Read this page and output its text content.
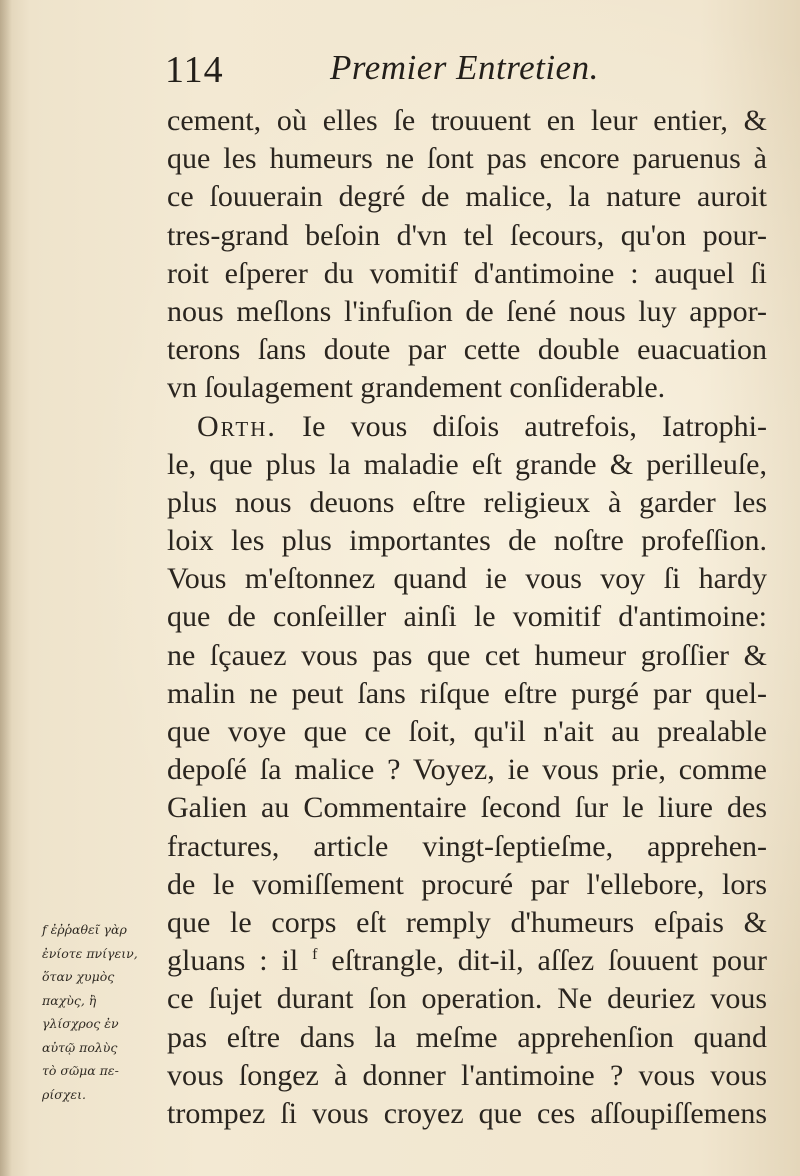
114	Premier Entretien.
cement, où elles ſe trouuent en leur entier, &
que les humeurs ne ſont pas encore paruenus à
ce ſouuerain degré de malice, la nature auroit
tres-grand beſoin d'vn tel ſecours, qu'on pour-
roit eſperer du vomitif d'antimoine : auquel ſi
nous meſlons l'infuſion de ſené nous luy appor-
terons ſans doute par cette double euacuation
vn ſoulagement grandement conſiderable.
Orth. Ie vous diſois autrefois, Iatrophi-
le, que plus la maladie eſt grande & perilleuſe,
plus nous deuons eſtre religieux à garder les
loix les plus importantes de noſtre profeſſion.
Vous m'eſtonnez quand ie vous voy ſi hardy
que de conſeiller ainſi le vomitif d'antimoine:
ne ſçauez vous pas que cet humeur groſſier &
malin ne peut ſans riſque eſtre purgé par quel-
que voye que ce ſoit, qu'il n'ait au prealable
depoſé ſa malice ? Voyez, ie vous prie, comme
Galien au Commentaire ſecond ſur le liure des
fractures, article vingt-ſeptieſme, apprehen-
de le vomiſſement procuré par l'ellebore, lors
que le corps eſt remply d'humeurs eſpais &
gluans : il $^f$ eſtrangle, dit-il, aſſez ſouuent pour
ce ſujet durant ſon operation. Ne deuriez vous
pas eſtre dans la meſme apprehenſion quand
vous ſongez à donner l'antimoine ? vous vous
trompez ſi vous croyez que ces aſſoupiſſemens
f ἐῤῥαθεῖ γὰρ
ἐνίοτε πνίγειν,
ὅταν χυμὸς
παχὺς, ἢ
γλίσχρος ἐν
αὐτῷ πολὺς
τὸ σῶμα πε-
ρίσχει.
